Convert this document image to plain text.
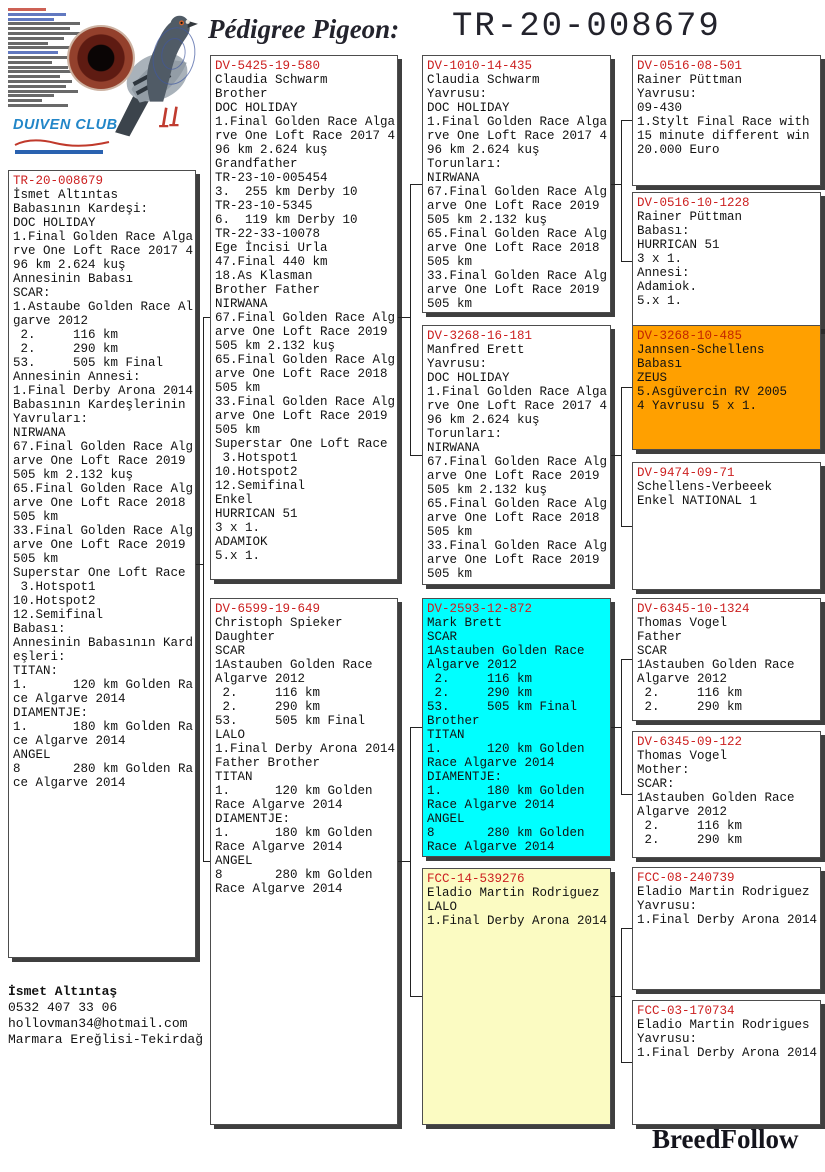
DUIVEN CLUB
Pédigree Pigeon: TR-20-008679
TR-20-008679
İsmet Altıntas
Babasının Kardeşi:
DOC HOLIDAY
1.Final Golden Race Alga
rve One Loft Race 2017 4
96 km 2.624 kuş
Annesinin Babası
SCAR:
1.Astaube Golden Race Al
garve 2012
2.     116 km
2.     290 km
53.     505 km Final
Annesinin Annesi:
1.Final Derby Arona 2014
Babasının Kardeşlerinin
Yavruları:
NIRWANA
67.Final Golden Race Alg
arve One Loft Race 2019
505 km 2.132 kuş
65.Final Golden Race Alg
arve One Loft Race 2018
505 km
33.Final Golden Race Alg
arve One Loft Race 2019
505 km
Superstar One Loft Race
3.Hotspot1
10.Hotspot2
12.Semifinal
Babası:
Annesinin Babasının Kard
eşleri:
TITAN:
1.      120 km Golden Ra
ce Algarve 2014
DIAMENTJE:
1.      180 km Golden Ra
ce Algarve 2014
ANGEL
8       280 km Golden Ra
ce Algarve 2014
DV-5425-19-580
Claudia Schwarm
Brother
DOC HOLIDAY
1.Final Golden Race Alga
rve One Loft Race 2017 4
96 km 2.624 kuş
Grandfather
TR-23-10-005454
3.  255 km Derby 10
TR-23-10-5345
6.  119 km Derby 10
TR-22-33-10078
Ege İncisi Urla
47.Final 440 km
18.As Klasman
Brother Father
NIRWANA
67.Final Golden Race Alg
arve One Loft Race 2019
505 km 2.132 kuş
65.Final Golden Race Alg
arve One Loft Race 2018
505 km
33.Final Golden Race Alg
arve One Loft Race 2019
505 km
Superstar One Loft Race
3.Hotspot1
10.Hotspot2
12.Semifinal
Enkel
HURRICAN 51
3 x 1.
ADAMIOK
5.x 1.
DV-6599-19-649
Christoph Spieker
Daughter
SCAR
1Astauben Golden Race
Algarve 2012
2.     116 km
2.     290 km
53.     505 km Final
LALO
1.Final Derby Arona 2014
Father Brother
TITAN
1.      120 km Golden
Race Algarve 2014
DIAMENTJE:
1.      180 km Golden
Race Algarve 2014
ANGEL
8       280 km Golden
Race Algarve 2014
DV-1010-14-435
Claudia Schwarm
Yavrusu:
DOC HOLIDAY
1.Final Golden Race Alga
rve One Loft Race 2017 4
96 km 2.624 kuş
Torunları:
NIRWANA
67.Final Golden Race Alg
arve One Loft Race 2019
505 km 2.132 kuş
65.Final Golden Race Alg
arve One Loft Race 2018
505 km
33.Final Golden Race Alg
arve One Loft Race 2019
505 km
DV-3268-16-181
Manfred Erett
Yavrusu:
DOC HOLIDAY
1.Final Golden Race Alga
rve One Loft Race 2017 4
96 km 2.624 kuş
Torunları:
NIRWANA
67.Final Golden Race Alg
arve One Loft Race 2019
505 km 2.132 kuş
65.Final Golden Race Alg
arve One Loft Race 2018
505 km
33.Final Golden Race Alg
arve One Loft Race 2019
505 km
DV-2593-12-872
Mark Brett
SCAR
1Astauben Golden Race
Algarve 2012
2.     116 km
2.     290 km
53.     505 km Final
Brother
TITAN
1.      120 km Golden
Race Algarve 2014
DIAMENTJE:
1.      180 km Golden
Race Algarve 2014
ANGEL
8       280 km Golden
Race Algarve 2014
FCC-14-539276
Eladio Martin Rodriguez
LALO
1.Final Derby Arona 2014
DV-0516-08-501
Rainer Püttman
Yavrusu:
09-430
1.Stylt Final Race with
15 minute different win
20.000 Euro
DV-0516-10-1228
Rainer Püttman
Babası:
HURRICAN 51
3 x 1.
Annesi:
Adamiok.
5.x 1.
DV-3268-10-485
Jannsen-Schellens
Babası
ZEUS
5.Asgüvercin RV 2005
4 Yavrusu 5 x 1.
DV-9474-09-71
Schellens-Verbeeek
Enkel NATIONAL 1
DV-6345-10-1324
Thomas Vogel
Father
SCAR
1Astauben Golden Race
Algarve 2012
2.     116 km
2.     290 km
DV-6345-09-122
Thomas Vogel
Mother:
SCAR:
1Astauben Golden Race
Algarve 2012
2.     116 km
2.     290 km
FCC-08-240739
Eladio Martin Rodriguez
Yavrusu:
1.Final Derby Arona 2014
FCC-03-170734
Eladio Martin Rodrigues
Yavrusu:
1.Final Derby Arona 2014
İsmet Altıntaş
0532 407 33 06
hollovman34@hotmail.com
Marmara Ereğlisi-Tekirdağ
BreedFollow
